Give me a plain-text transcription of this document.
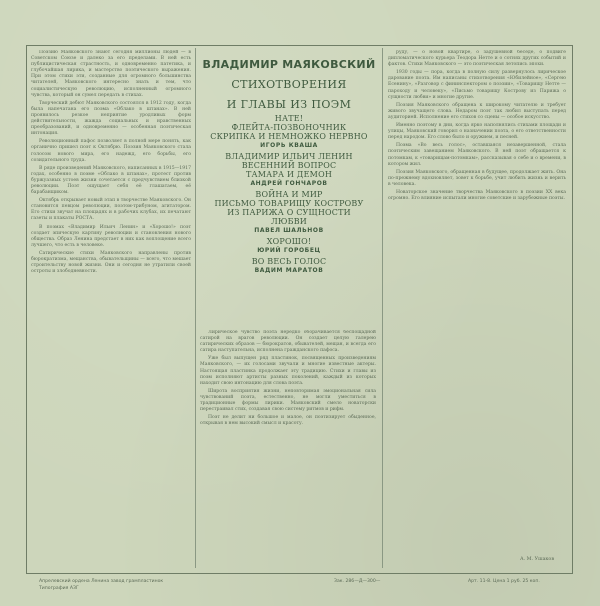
Поэзию Маяковского знают сегодня миллионы людей — в Советском Союзе и далеко за его пределами. В ней есть публицистическая страстность, и одновременно патетика, и глубочайшая лирика, и мастерство поэтического выражения. При этом стихи эти, созданные для огромного большинства читателей, Маяковского интересно знать и тем, что социалистическую революцию, исполненный огромного чувства, который он сумел передать в стихах.

Творческий дебют Маяковского состоялся в 1912 году, когда была напечатана его поэма «Облако в штанах». В ней проявилось резкое неприятие уродливых форм действительности, жажда социальных и нравственных преобразований, и одновременно — особенная поэтическая интонация.

Революционный пафос позволяет в полной мере понять, как органично пришел поэт к Октябрю. Поэзия Маяковского стала голосом нового мира, его надежд, его борьбы, его созидательного труда.

В ряде произведений Маяковского, написанных в 1915—1917 годах, особенно в поэме «Облако в штанах», протест против буржуазных устоев жизни сочетается с предчувствием близкой революции. Поэт ощущает себя её глашатаем, её барабанщиком.

Октябрь открывает новый этап в творчестве Маяковского. Он становится певцом революции, поэтом-трибуном, агитатором. Его стихи звучат на площадях и в рабочих клубах, их печатают газеты и плакаты РОСТА.

В поэмах «Владимир Ильич Ленин» и «Хорошо!» поэт создает эпическую картину революции и становления нового общества. Образ Ленина предстает в них как воплощение всего лучшего, что есть в человеке.

Сатирические стихи Маяковского направлены против бюрократизма, мещанства, обывательщины — всего, что мешает строительству новой жизни. Они и сегодня не утратили своей остроты и злободневности.

ВЛАДИМИР МАЯКОВСКИЙ
СТИХОТВОРЕНИЯ
И ГЛАВЫ ИЗ ПОЭМ
НАТЕ!
ФЛЕЙТА-ПОЗВОНОЧНИК
СКРИПКА И НЕМНОЖКО НЕРВНО
ИГОРЬ КВАША
ВЛАДИМИР ИЛЬИЧ ЛЕНИН
ВЕСЕННИЙ ВОПРОС
ТАМАРА И ДЕМОН
АНДРЕЙ ГОНЧАРОВ
ВОЙНА И МИР
ПИСЬМО ТОВАРИЩУ КОСТРОВУ
ИЗ ПАРИЖА О СУЩНОСТИ
ЛЮБВИ
ПАВЕЛ ШАЛЬНОВ
ХОРОШО!
ЮРИЙ ГОРОБЕЦ
ВО ВЕСЬ ГОЛОС
ВАДИМ МАРАТОВ

Лирическое чувство поэта нередко оборачивается беспощадной сатирой на врагов революции. Он создает целую галерею сатирических образов — бюрократов, обывателей, мещан, и всегда его сатира наступательна, исполнена гражданского пафоса.

Уже был выпущен ряд пластинок, посвященных произведениям Маяковского, — их голосами звучали и многие известные актеры. Настоящая пластинка продолжает эту традицию. Стихи и главы из поэм исполняют артисты разных поколений, каждый из которых находит свою интонацию для слова поэта.

Широта восприятия жизни, неповторимая эмоциональная сила чувствований поэта, естественно, не могли уместиться в традиционные формы лирики. Маяковский смело новаторски перестраивал стих, создавая свою систему ритмов и рифм.

Поэт не делит ни большое и малое, он поэтизирует обыденное, открывая в нем высокий смысл и красоту.

руду, — о новой квартире, о задушевной беседе, о подвиге дипломатического курьера Теодора Нетте и о сотнях других событий и фактов. Стихи Маяковского — это поэтическая летопись эпохи.

1930 годы — пора, когда в полную силу развернулось лирическое дарование поэта. Им написаны стихотворения «Юбилейное», «Сергею Есенину», «Разговор с фининспектором о поэзии», «Товарищу Нетте — пароходу и человеку», «Письмо товарищу Кострову из Парижа о сущности любви» и многие другие.

Поэзия Маяковского обращена к широкому читателю и требует живого звучащего слова. Недаром поэт так любил выступать перед аудиторией. Исполнение его стихов со сцены — особое искусство.

Именно поэтому в дни, когда ярко наполнялись стихами площади и улицы, Маяковский говорил о назначении поэта, о его ответственности перед народом. Его слово было и оружием, и песней.

Поэма «Во весь голос», оставшаяся незавершенной, стала поэтическим завещанием Маяковского. В ней поэт обращается к потомкам, к «товарищам-потомкам», рассказывая о себе и о времени, в котором жил.

Поэзия Маяковского, обращенная в будущее, продолжает жить. Она по-прежнему вдохновляет, зовет к борьбе, учит любить жизнь и верить в человека.

Новаторское значение творчества Маяковского в поэзии XX века огромно. Его влияние испытали многие советские и зарубежные поэты.

А. М. Ушаков
Апрелевский ордена Ленина завод грампластинок
Типография АЗГ
Зак. 286—Д—300—	Арт. 11-8. Цена 1 руб. 25 коп.
